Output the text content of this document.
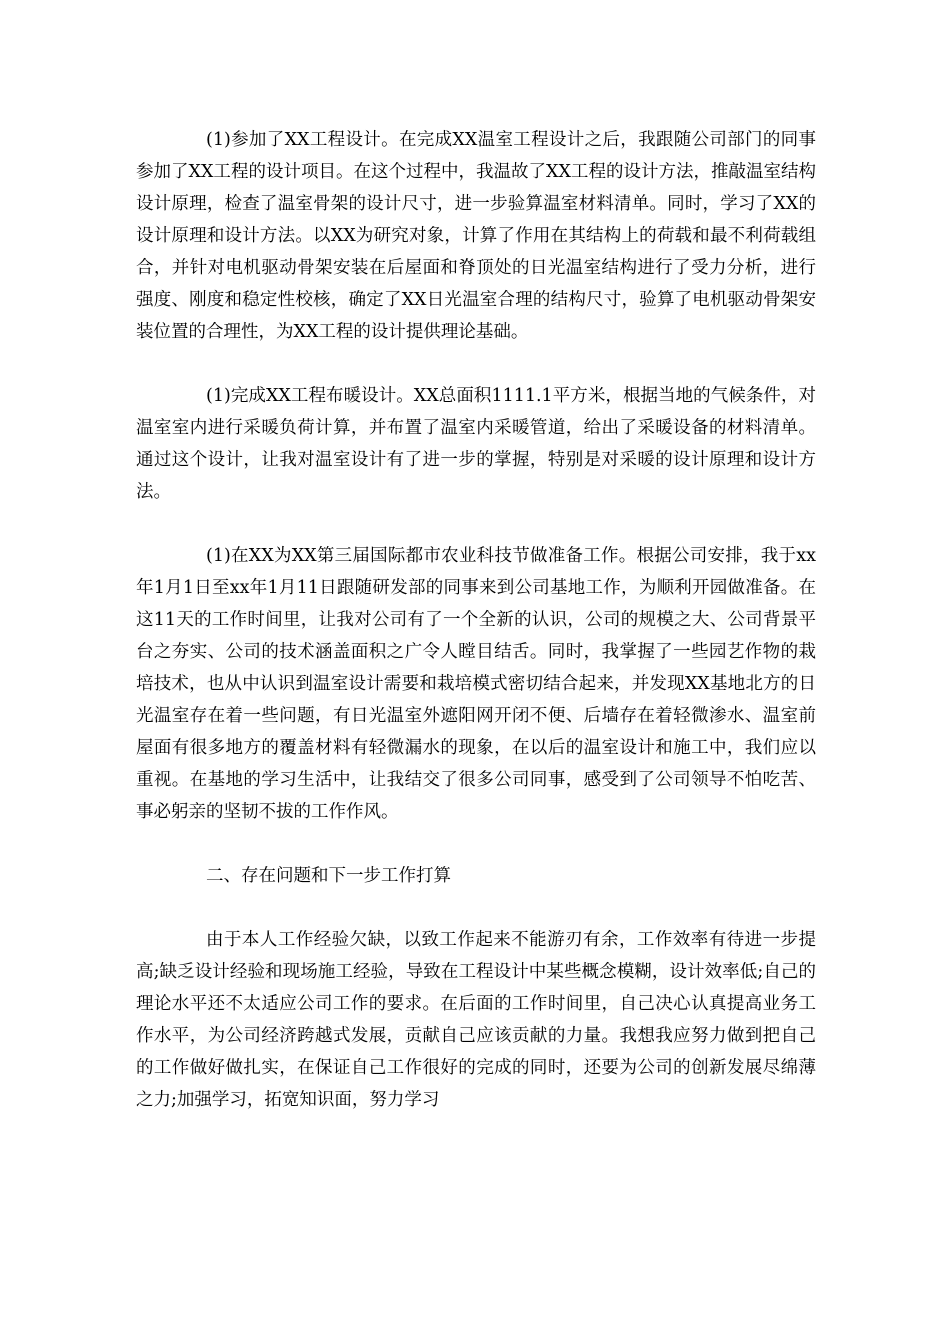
(1)参加了XX工程设计。在完成XX温室工程设计之后，我跟随公司部门的同事参加了XX工程的设计项目。在这个过程中，我温故了XX工程的设计方法，推敲温室结构设计原理，检查了温室骨架的设计尺寸，进一步验算温室材料清单。同时，学习了XX的设计原理和设计方法。以XX为研究对象，计算了作用在其结构上的荷载和最不利荷载组合，并针对电机驱动骨架安装在后屋面和脊顶处的日光温室结构进行了受力分析，进行强度、刚度和稳定性校核，确定了XX日光温室合理的结构尺寸，验算了电机驱动骨架安装位置的合理性，为XX工程的设计提供理论基础。

(1)完成XX工程布暖设计。XX总面积1111.1平方米，根据当地的气候条件，对温室室内进行采暖负荷计算，并布置了温室内采暖管道，给出了采暖设备的材料清单。通过这个设计，让我对温室设计有了进一步的掌握，特别是对采暖的设计原理和设计方法。

(1)在XX为XX第三届国际都市农业科技节做准备工作。根据公司安排，我于xx年1月1日至xx年1月11日跟随研发部的同事来到公司基地工作，为顺利开园做准备。在这11天的工作时间里，让我对公司有了一个全新的认识，公司的规模之大、公司背景平台之夯实、公司的技术涵盖面积之广令人瞠目结舌。同时，我掌握了一些园艺作物的栽培技术，也从中认识到温室设计需要和栽培模式密切结合起来，并发现XX基地北方的日光温室存在着一些问题，有日光温室外遮阳网开闭不便、后墙存在着轻微渗水、温室前屋面有很多地方的覆盖材料有轻微漏水的现象，在以后的温室设计和施工中，我们应以重视。在基地的学习生活中，让我结交了很多公司同事，感受到了公司领导不怕吃苦、事必躬亲的坚韧不拔的工作作风。

二、存在问题和下一步工作打算

由于本人工作经验欠缺，以致工作起来不能游刃有余，工作效率有待进一步提高;缺乏设计经验和现场施工经验，导致在工程设计中某些概念模糊，设计效率低;自己的理论水平还不太适应公司工作的要求。在后面的工作时间里，自己决心认真提高业务工作水平，为公司经济跨越式发展，贡献自己应该贡献的力量。我想我应努力做到把自己的工作做好做扎实，在保证自己工作很好的完成的同时，还要为公司的创新发展尽绵薄之力;加强学习，拓宽知识面，努力学习
